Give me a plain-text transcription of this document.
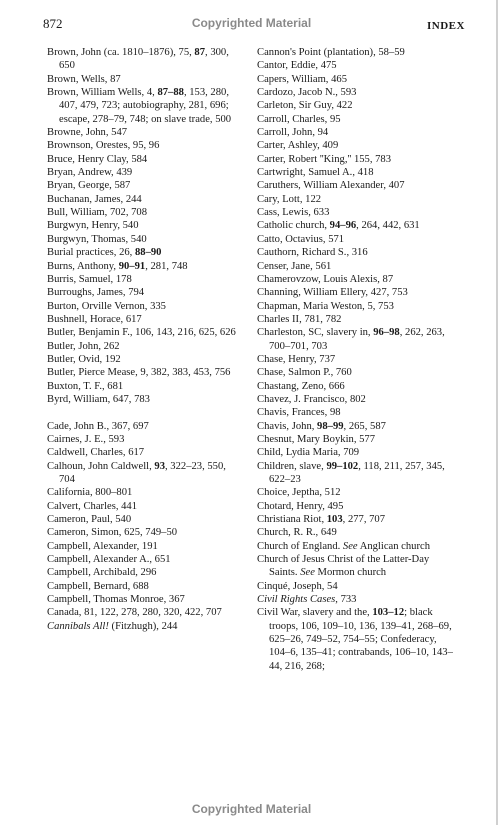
872	Copyrighted Material	INDEX
Brown, John (ca. 1810–1876), 75, 87, 300, 650
Brown, Wells, 87
Brown, William Wells, 4, 87–88, 153, 280, 407, 479, 723; autobiography, 281, 696; escape, 278–79, 748; on slave trade, 500
Browne, John, 547
Brownson, Orestes, 95, 96
Bruce, Henry Clay, 584
Bryan, Andrew, 439
Bryan, George, 587
Buchanan, James, 244
Bull, William, 702, 708
Burgwyn, Henry, 540
Burgwyn, Thomas, 540
Burial practices, 26, 88–90
Burns, Anthony, 90–91, 281, 748
Burris, Samuel, 178
Burroughs, James, 794
Burton, Orville Vernon, 335
Bushnell, Horace, 617
Butler, Benjamin F., 106, 143, 216, 625, 626
Butler, John, 262
Butler, Ovid, 192
Butler, Pierce Mease, 9, 382, 383, 453, 756
Buxton, T. F., 681
Byrd, William, 647, 783
Cade, John B., 367, 697
Cairnes, J. E., 593
Caldwell, Charles, 617
Calhoun, John Caldwell, 93, 322–23, 550, 704
California, 800–801
Calvert, Charles, 441
Cameron, Paul, 540
Cameron, Simon, 625, 749–50
Campbell, Alexander, 191
Campbell, Alexander A., 651
Campbell, Archibald, 296
Campbell, Bernard, 688
Campbell, Thomas Monroe, 367
Canada, 81, 122, 278, 280, 320, 422, 707
Cannibals All! (Fitzhugh), 244
Cannon's Point (plantation), 58–59
Cantor, Eddie, 475
Capers, William, 465
Cardozo, Jacob N., 593
Carleton, Sir Guy, 422
Carroll, Charles, 95
Carroll, John, 94
Carter, Ashley, 409
Carter, Robert ''King,'' 155, 783
Cartwright, Samuel A., 418
Caruthers, William Alexander, 407
Cary, Lott, 122
Cass, Lewis, 633
Catholic church, 94–96, 264, 442, 631
Catto, Octavius, 571
Cauthorn, Richard S., 316
Censer, Jane, 561
Chamerovzow, Louis Alexis, 87
Channing, William Ellery, 427, 753
Chapman, Maria Weston, 5, 753
Charles II, 781, 782
Charleston, SC, slavery in, 96–98, 262, 263, 700–701, 703
Chase, Henry, 737
Chase, Salmon P., 760
Chastang, Zeno, 666
Chavez, J. Francisco, 802
Chavis, Frances, 98
Chavis, John, 98–99, 265, 587
Chesnut, Mary Boykin, 577
Child, Lydia Maria, 709
Children, slave, 99–102, 118, 211, 257, 345, 622–23
Choice, Jeptha, 512
Chotard, Henry, 495
Christiana Riot, 103, 277, 707
Church, R. R., 649
Church of England. See Anglican church
Church of Jesus Christ of the Latter-Day Saints. See Mormon church
Cinqué, Joseph, 54
Civil Rights Cases, 733
Civil War, slavery and the, 103–12; black troops, 106, 109–10, 136, 139–41, 268–69, 625–26, 749–52, 754–55; Confederacy, 104–6, 135–41; contrabands, 106–10, 143–44, 216, 268;
Copyrighted Material
